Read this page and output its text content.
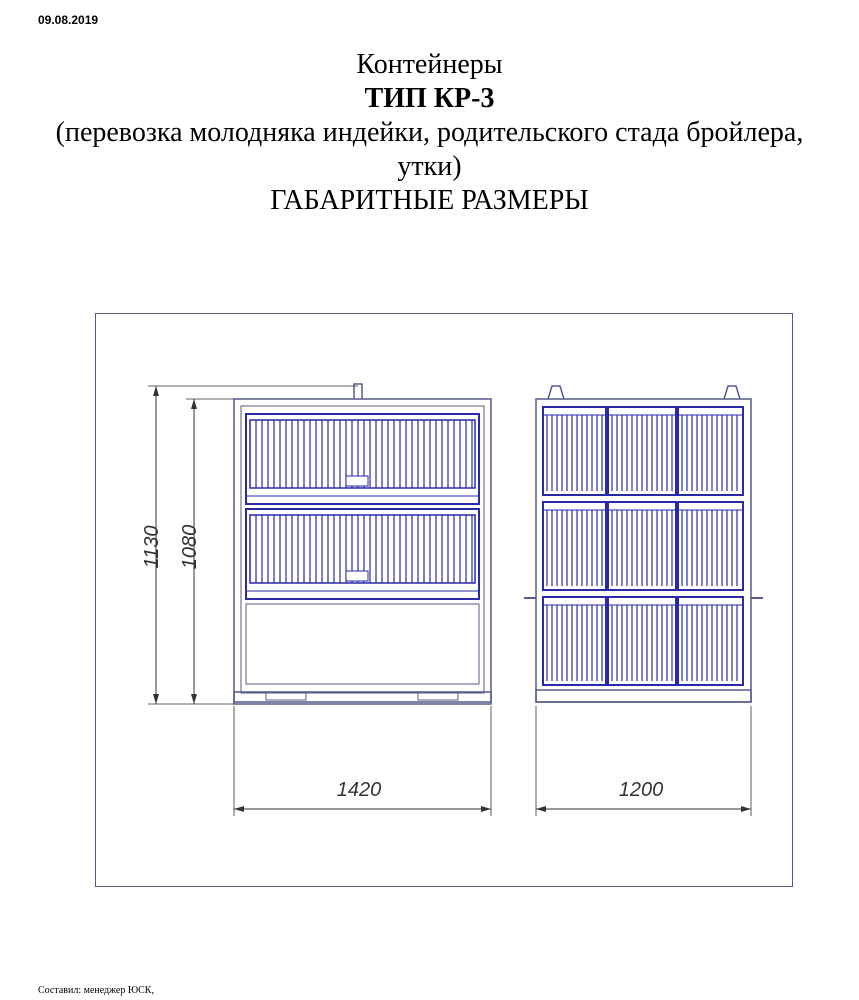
09.08.2019
Контейнеры
ТИП КР-3
(перевозка молодняка индейки, родительского стада бройлера,
утки)
ГАБАРИТНЫЕ РАЗМЕРЫ
1130 1080
1420	1200
Составил: менеджер ЮСК,
